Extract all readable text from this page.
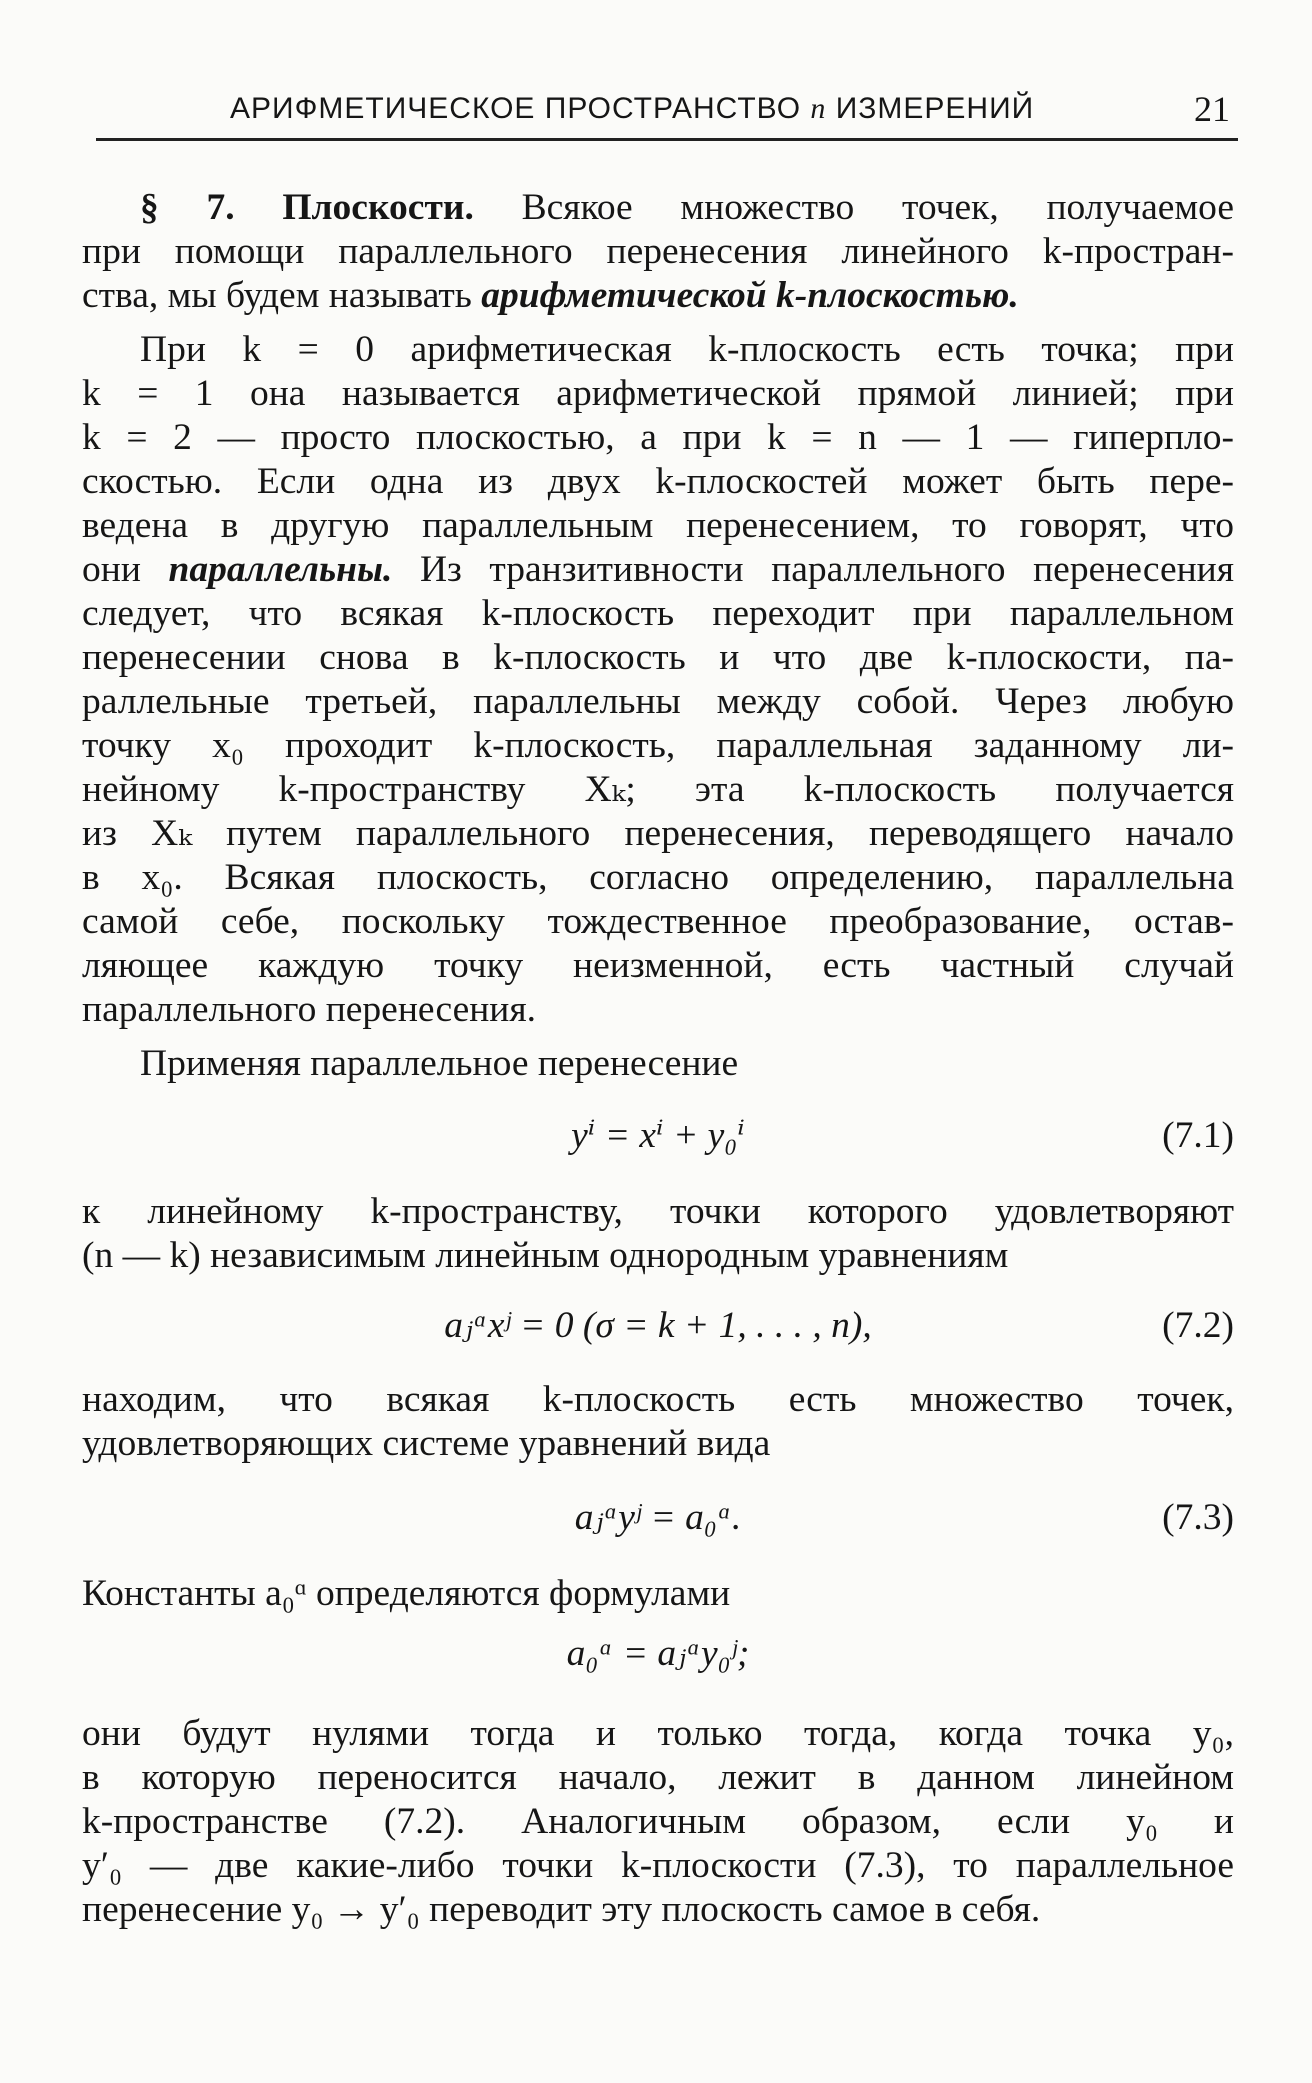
АРИФМЕТИЧЕСКОЕ ПРОСТРАНСТВО n ИЗМЕРЕНИЙ	21
§ 7. Плоскости. Всякое множество точек, получаемое
при помощи параллельного перенесения линейного k-простран-
ства, мы будем называть арифметической k-плоскостью.
При k = 0 арифметическая k-плоскость есть точка; при
k = 1 она называется арифметической прямой линией; при
k = 2 — просто плоскостью, а при k = n — 1 — гиперпло-
скостью. Если одна из двух k-плоскостей может быть пере-
ведена в другую параллельным перенесением, то говорят, что
они параллельны. Из транзитивности параллельного перенесения
следует, что всякая k-плоскость переходит при параллельном
перенесении снова в k-плоскость и что две k-плоскости, па-
раллельные третьей, параллельны между собой. Через любую
точку x₀ проходит k-плоскость, параллельная заданному ли-
нейному k-пространству Xₖ; эта k-плоскость получается
из Xₖ путем параллельного перенесения, переводящего начало
в x₀. Всякая плоскость, согласно определению, параллельна
самой себе, поскольку тождественное преобразование, остав-
ляющее каждую точку неизменной, есть частный случай
параллельного перенесения.
Применяя параллельное перенесение
yⁱ = xⁱ + y₀ⁱ	(7.1)
к линейному k-пространству, точки которого удовлетворяют
(n — k) независимым линейным однородным уравнениям
aⱼᵅxʲ = 0 (σ = k + 1, . . . , n),	(7.2)
находим, что всякая k-плоскость есть множество точек,
удовлетворяющих системе уравнений вида
aⱼᵅyʲ = a₀ᵅ.	(7.3)
Константы a₀ᵅ определяются формулами
a₀ᵅ = aⱼᵅy₀ʲ;
они будут нулями тогда и только тогда, когда точка y₀,
в которую переносится начало, лежит в данном линейном
k-пространстве (7.2). Аналогичным образом, если y₀ и
y′₀ — две какие-либо точки k-плоскости (7.3), то параллельное
перенесение y₀ → y′₀ переводит эту плоскость самое в себя.
